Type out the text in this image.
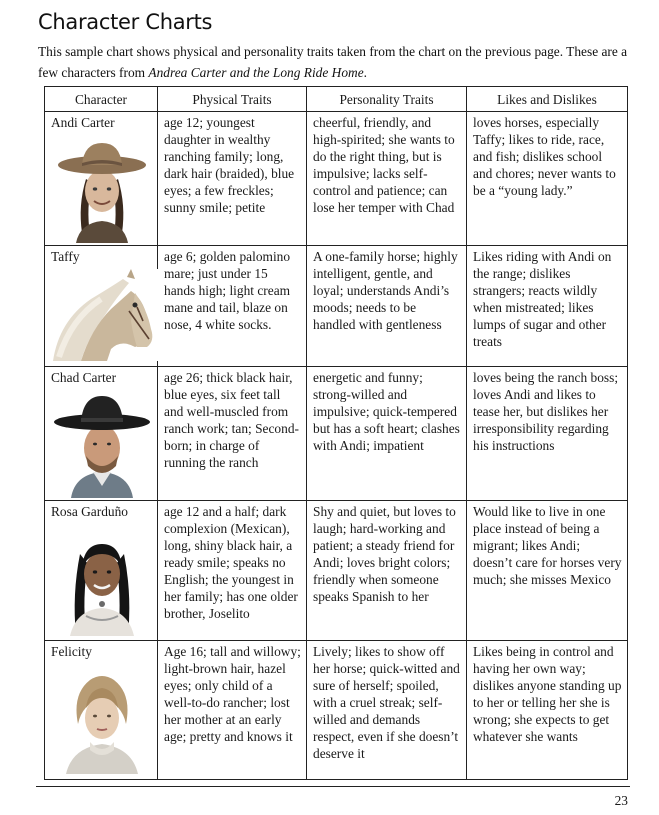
Character Charts

This sample chart shows physical and personality traits taken from the chart on the previous page. These are a few characters from Andrea Carter and the Long Ride Home.

Character	Physical Traits	Personality Traits	Likes and Dislikes

Andi Carter	age 12; youngest daughter in wealthy ranching family; long, dark hair (braided), blue eyes; a few freckles; sunny smile; petite	cheerful, friendly, and high-spirited; she wants to do the right thing, but is impulsive; lacks self-control and patience; can lose her temper with Chad	loves horses, especially Taffy; likes to ride, race, and fish; dislikes school and chores; never wants to be a “young lady.”

Taffy	age 6; golden palomino mare; just under 15 hands high; light cream mane and tail, blaze on nose, 4 white socks.	A one-family horse; highly intelligent, gentle, and loyal; understands Andi’s moods; needs to be handled with gentleness	Likes riding with Andi on the range; dislikes strangers; reacts wildly when mistreated; likes lumps of sugar and other treats

Chad Carter	age 26; thick black hair, blue eyes, six feet tall and well-muscled from ranch work; tan; Second-born; in charge of running the ranch	energetic and funny; strong-willed and impulsive; quick-tempered but has a soft heart; clashes with Andi; impatient	loves being the ranch boss; loves Andi and likes to tease her, but dislikes her irresponsibility regarding his instructions

Rosa Garduño	age 12 and a half; dark complexion (Mexican), long, shiny black hair, a ready smile; speaks no English; the youngest in her family; has one older brother, Joselito	Shy and quiet, but loves to laugh; hard-working and patient; a steady friend for Andi; loves bright colors; friendly when someone speaks Spanish to her	Would like to live in one place instead of being a migrant; likes Andi; doesn’t care for horses very much; she misses Mexico

Felicity	Age 16; tall and willowy; light-brown hair, hazel eyes; only child of a well-to-do rancher; lost her mother at an early age; pretty and knows it	Lively; likes to show off her horse; quick-witted and sure of herself; spoiled, with a cruel streak; self-willed and demands respect, even if she doesn’t deserve it	Likes being in control and having her own way; dislikes anyone standing up to her or telling her she is wrong; she expects to get whatever she wants
23
